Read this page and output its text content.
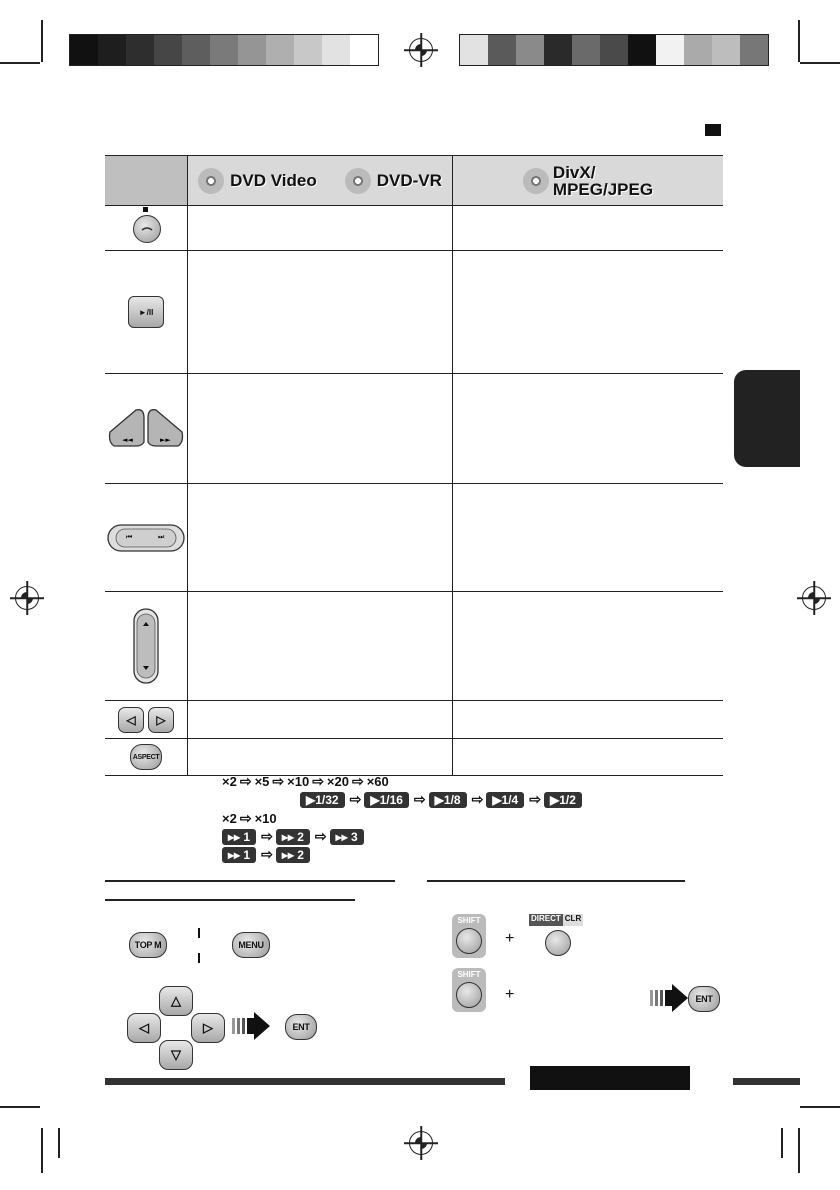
DVD Video	DVD-VR	DivX/
MPEG/JPEG
►/II
◄◄	►►
⏮	⏭
◁ ▷
ASPECT
×2 ⇨ ×5 ⇨ ×10 ⇨ ×20 ⇨ ×60
▶1/32 ⇨ ▶1/16 ⇨ ▶1/8 ⇨ ▶1/4 ⇨ ▶1/2
×2 ⇨ ×10
▸▸ 1 ⇨ ▸▸ 2 ⇨ ▸▸ 3
▸▸ 1 ⇨ ▸▸ 2
TOP M	MENU
△
◁	▷
▽
ENT
SHIFT
+
DIRECT CLR
SHIFT
+	ENT
